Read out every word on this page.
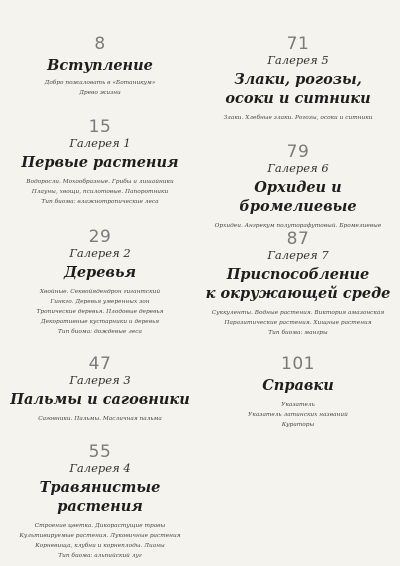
8
Вступление
Добро пожаловать в «Ботаникум»
Древо жизни
15
Галерея 1
Первые растения
Водоросли. Мохообразные. Грибы и лишайники
Плауны, хвощи, псилотовые. Папоротники
Тип биома: влажнотропические леса
29
Галерея 2
Деревья
Хвойные. Секвойядендрон гигантский
Гинкго. Деревья умеренных зон
Тропические деревья. Плодовые деревья
Декоративные кустарники и деревья
Тип биома: дождевые леса
47
Галерея 3
Пальмы и саговники
Саговники. Пальмы. Масличная пальма
55
Галерея 4
Травянистые растения
Строение цветка. Дикорастущие травы
Культивируемые растения. Луковичные растения
Корневища, клубни и корнеплоды. Лианы
Тип биома: альпийский луг
71
Галерея 5
Злаки, рогозы,
осоки и ситники
Злаки. Хлебные злаки. Рогозы, осоки и ситники
79
Галерея 6
Орхидеи и бромелиевые
Орхидеи. Ангрекум полуторафутовый. Бромелиевые
87
Галерея 7
Приспособление
к окружающей среде
Суккуленты. Водные растения. Виктория амазонская
Паразитические растения. Хищные растения
Тип биома: мангры
101
Справки
Указатель
Указатель латинских названий
Кураторы
